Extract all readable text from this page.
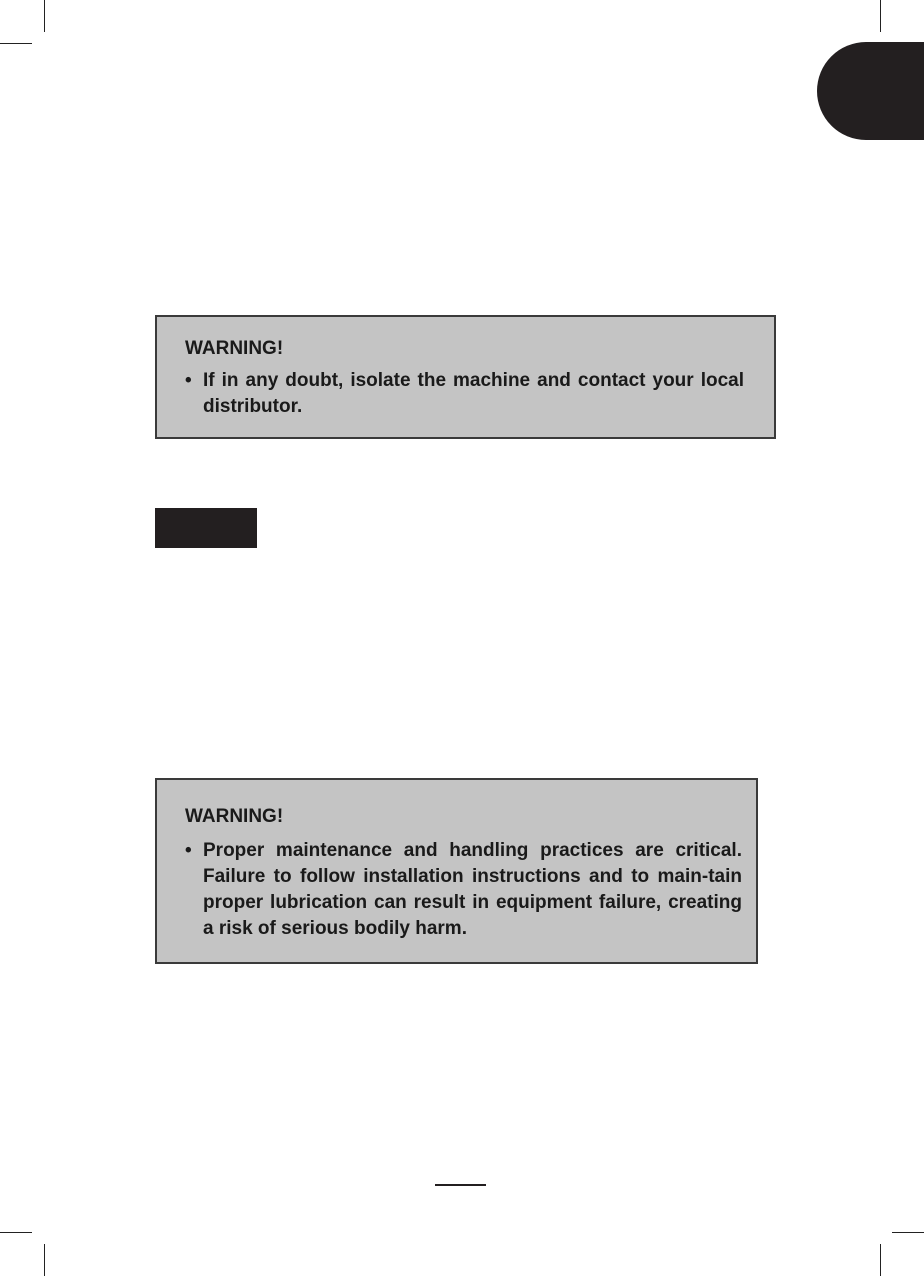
WARNING!
• If in any doubt, isolate the machine and contact your local distributor.
WARNING!
• Proper maintenance and handling practices are critical. Failure to follow installation instructions and to main-tain proper lubrication can result in equipment failure, creating a risk of serious bodily harm.
